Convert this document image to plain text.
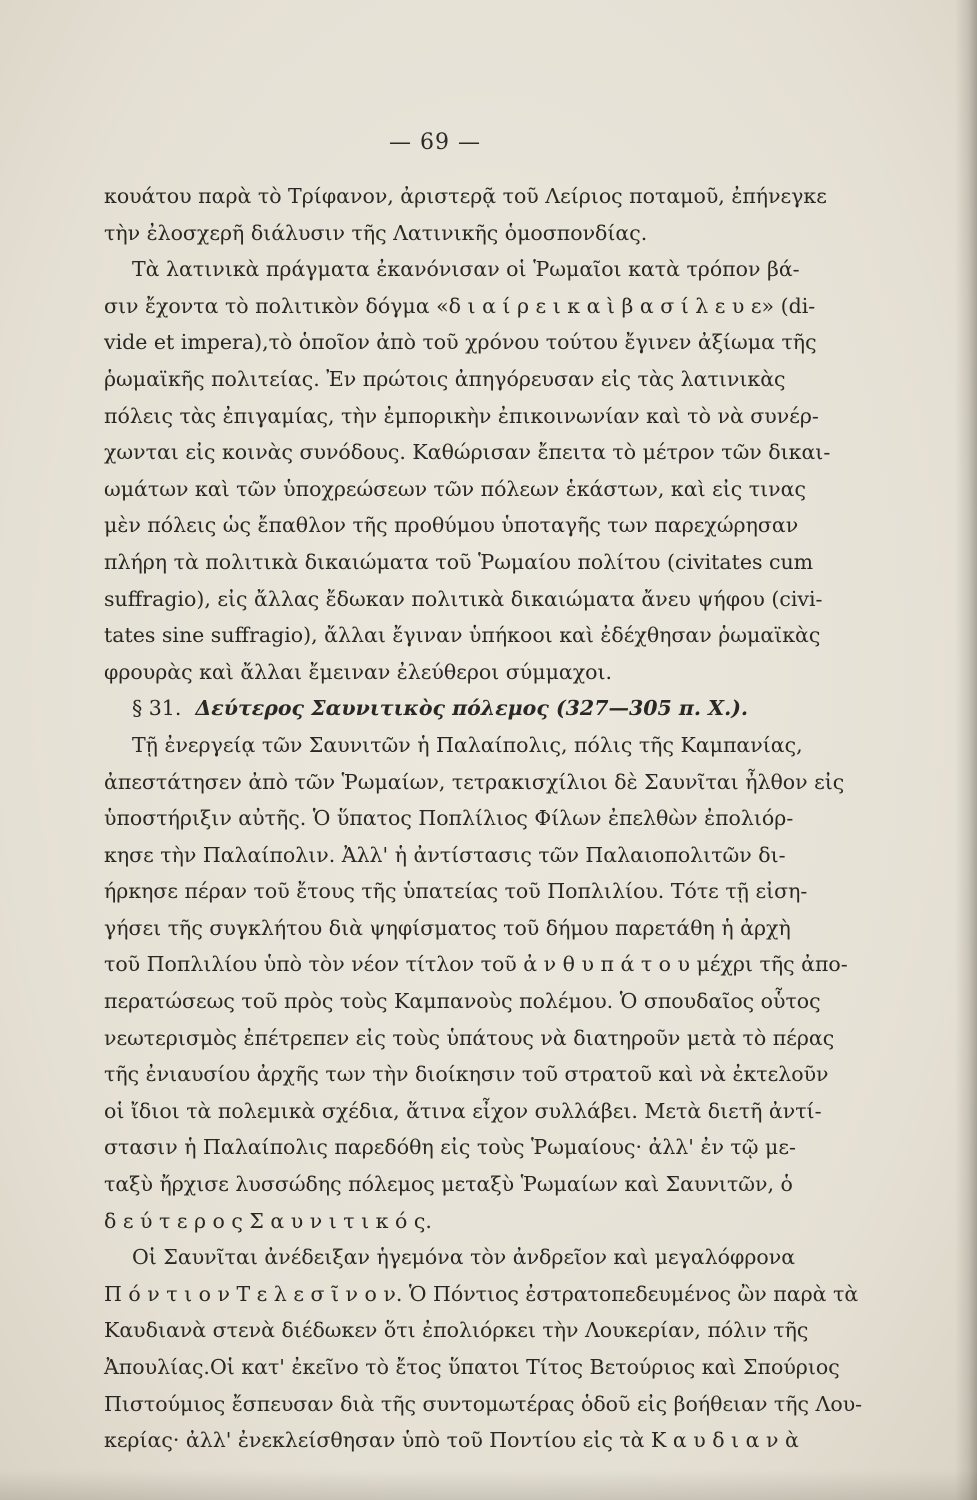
— 69 —
κουάτου παρὰ τὸ Τρίφανον, ἀριστερᾷ τοῦ Λείριος ποταμοῦ, ἐπήνεγκε
τὴν ἐλοσχερῆ διάλυσιν τῆς Λατινικῆς ὁμοσπονδίας.
Τὰ λατινικὰ πράγματα ἐκανόνισαν οἱ Ῥωμαῖοι κατὰ τρόπον βά-
σιν ἔχοντα τὸ πολιτικὸν δόγμα «δ ι α ί ρ ε ι κ α ὶ β α σ ί λ ε υ ε» (di-
vide et impera),τὸ ὁποῖον ἀπὸ τοῦ χρόνου τούτου ἔγινεν ἀξίωμα τῆς
ῥωμαϊκῆς πολιτείας. Ἐν πρώτοις ἀπηγόρευσαν εἰς τὰς λατινικὰς
πόλεις τὰς ἐπιγαμίας, τὴν ἐμπορικὴν ἐπικοινωνίαν καὶ τὸ νὰ συνέρ-
χωνται εἰς κοινὰς συνόδους. Καθώρισαν ἔπειτα τὸ μέτρον τῶν δικαι-
ωμάτων καὶ τῶν ὑποχρεώσεων τῶν πόλεων ἑκάστων, καὶ εἰς τινας
μὲν πόλεις ὡς ἔπαθλον τῆς προθύμου ὑποταγῆς των παρεχώρησαν
πλήρη τὰ πολιτικὰ δικαιώματα τοῦ Ῥωμαίου πολίτου (civitates cum
suffragio), εἰς ἄλλας ἔδωκαν πολιτικὰ δικαιώματα ἄνευ ψήφου (civi-
tates sine suffragio), ἄλλαι ἔγιναν ὑπήκοοι καὶ ἐδέχθησαν ῥωμαϊκὰς
φρουρὰς καὶ ἄλλαι ἔμειναν ἐλεύθεροι σύμμαχοι.
§ 31. Δεύτερος Σαυνιτικὸς πόλεμος (327—305 π. Χ.).
Τῇ ἐνεργείᾳ τῶν Σαυνιτῶν ἡ Παλαίπολις, πόλις τῆς Καμπανίας,
ἀπεστάτησεν ἀπὸ τῶν Ῥωμαίων, τετρακισχίλιοι δὲ Σαυνῖται ἦλθον εἰς
ὑποστήριξιν αὐτῆς. Ὁ ὕπατος Ποπλίλιος Φίλων ἐπελθὼν ἐπολιόρ-
κησε τὴν Παλαίπολιν. Ἀλλ' ἡ ἀντίστασις τῶν Παλαιοπολιτῶν δι-
ήρκησε πέραν τοῦ ἔτους τῆς ὑπατείας τοῦ Ποπλιλίου. Τότε τῇ εἰση-
γήσει τῆς συγκλήτου διὰ ψηφίσματος τοῦ δήμου παρετάθη ἡ ἀρχὴ
τοῦ Ποπλιλίου ὑπὸ τὸν νέον τίτλον τοῦ ἀ ν θ υ π ά τ ο υ μέχρι τῆς ἀπο-
περατώσεως τοῦ πρὸς τοὺς Καμπανοὺς πολέμου. Ὁ σπουδαῖος οὗτος
νεωτερισμὸς ἐπέτρεπεν εἰς τοὺς ὑπάτους νὰ διατηροῦν μετὰ τὸ πέρας
τῆς ἐνιαυσίου ἀρχῆς των τὴν διοίκησιν τοῦ στρατοῦ καὶ νὰ ἐκτελοῦν
οἱ ἴδιοι τὰ πολεμικὰ σχέδια, ἅτινα εἶχον συλλάβει. Μετὰ διετῆ ἀντί-
στασιν ἡ Παλαίπολις παρεδόθη εἰς τοὺς Ῥωμαίους· ἀλλ' ἐν τῷ με-
ταξὺ ἤρχισε λυσσώδης πόλεμος μεταξὺ Ῥωμαίων καὶ Σαυνιτῶν, ὁ
δ ε ύ τ ε ρ ο ς Σ α υ ν ι τ ι κ ό ς.
Οἱ Σαυνῖται ἀνέδειξαν ἡγεμόνα τὸν ἀνδρεῖον καὶ μεγαλόφρονα
Π ό ν τ ι ο ν Τ ε λ ε σ ῖ ν ο ν. Ὁ Πόντιος ἐστρατοπεδευμένος ὢν παρὰ τὰ
Καυδιανὰ στενὰ διέδωκεν ὅτι ἐπολιόρκει τὴν Λουκερίαν, πόλιν τῆς
Ἀπουλίας.Οἱ κατ' ἐκεῖνο τὸ ἔτος ὕπατοι Τίτος Βετούριος καὶ Σπούριος
Πιστούμιος ἔσπευσαν διὰ τῆς συντομωτέρας ὁδοῦ εἰς βοήθειαν τῆς Λου-
κερίας· ἀλλ' ἐνεκλείσθησαν ὑπὸ τοῦ Ποντίου εἰς τὰ Κ α υ δ ι α ν ὰ
